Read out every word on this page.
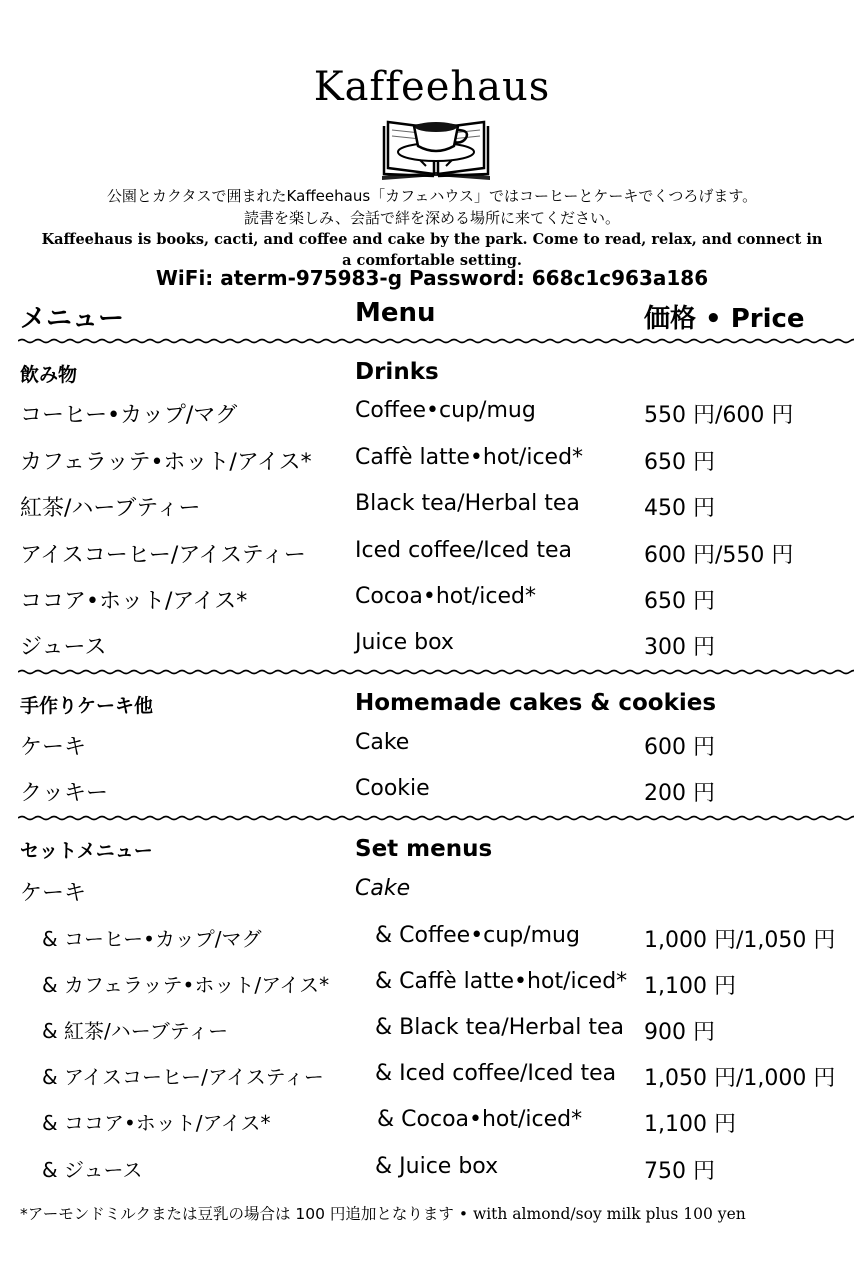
Kaffeehaus
公園とカクタスで囲まれたKaffeehaus「カフェハウス」ではコーヒーとケーキでくつろげます。
読書を楽しみ、会話で絆を深める場所に来てください。
Kaffeehaus is books, cacti, and coffee and cake by the park. Come to read, relax, and connect in a comfortable setting.
WiFi: aterm-975983-g Password: 668c1c963a186
メニュー	Menu	価格 • Price
飲み物	Drinks
コーヒー•カップ/マグ	Coffee•cup/mug	550 円/600 円
カフェラッテ•ホット/アイス* Caffè latte•hot/iced*	650 円
紅茶/ハーブティー	Black tea/Herbal tea	450 円
アイスコーヒー/アイスティー Iced coffee/Iced tea	600 円/550 円
ココア•ホット/アイス*	Cocoa•hot/iced*	650 円
ジュース	Juice box	300 円
手作りケーキ他	Homemade cakes & cookies
ケーキ	Cake	600 円
クッキー	Cookie	200 円
セットメニュー	Set menus
ケーキ	Cake
& コーヒー•カップ/マグ	& Coffee•cup/mug	1,000 円/1,050 円
& カフェラッテ•ホット/アイス* & Caffè latte•hot/iced* 1,100 円
& 紅茶/ハーブティー	& Black tea/Herbal tea 900 円
& アイスコーヒー/アイスティー & Iced coffee/Iced tea 1,050 円/1,000 円
& ココア•ホット/アイス*	& Cocoa•hot/iced*	1,100 円
& ジュース	& Juice box	750 円
*アーモンドミルクまたは豆乳の場合は 100 円追加となります • with almond/soy milk plus 100 yen
